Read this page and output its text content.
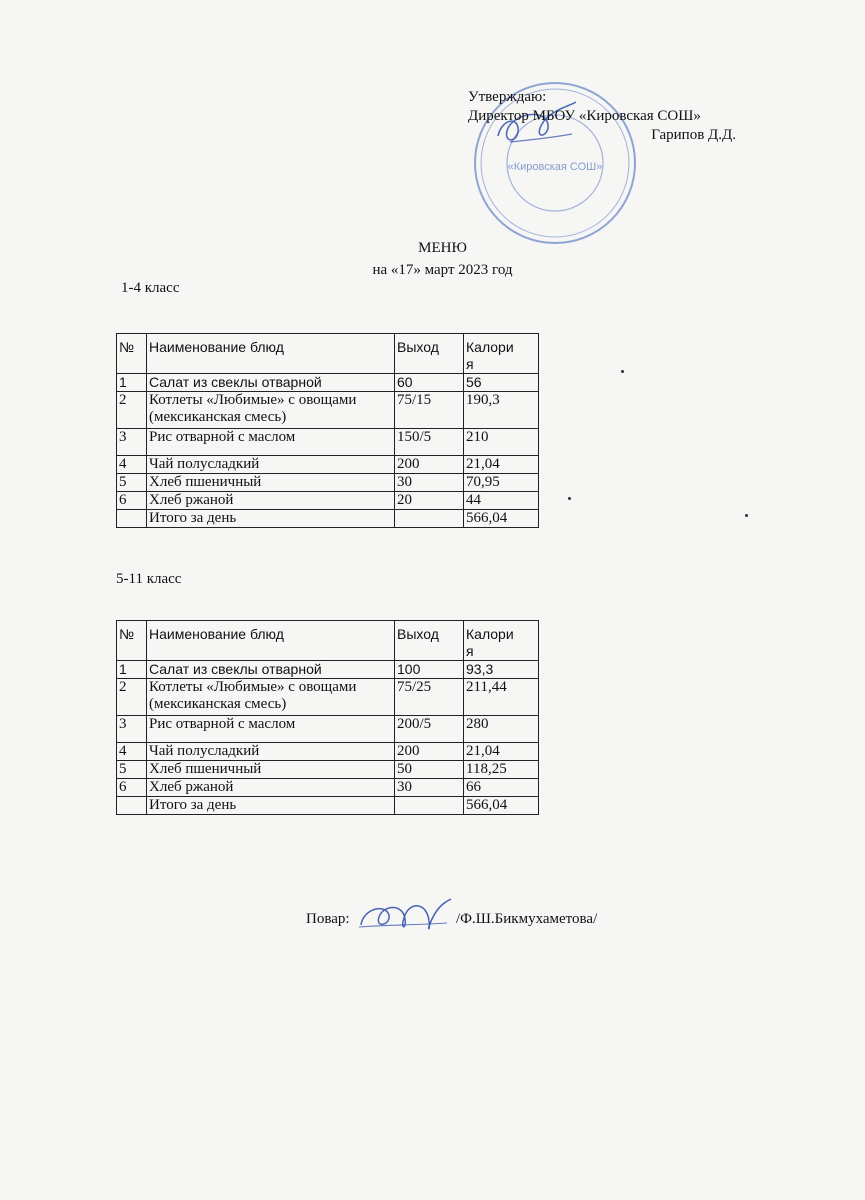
«Кировская СОШ»
Утверждаю:
Директор МБОУ «Кировская СОШ»
Гарипов Д.Д.
МЕНЮ
на «17» март 2023 год
1-4 класс
№	Наименование блюд	Выход	Калори
я
1	Салат из свеклы отварной	60	56
2	Котлеты «Любимые» с овощами (мексиканская смесь)	75/15	190,3
3	Рис отварной с маслом	150/5	210
4	Чай полусладкий	200	21,04
5	Хлеб пшеничный	30	70,95
6	Хлеб ржаной	20	44
	Итого за день		566,04
5-11 класс
№	Наименование блюд	Выход	Калори
я
1	Салат из свеклы отварной	100	93,3
2	Котлеты «Любимые» с овощами (мексиканская смесь)	75/25	211,44
3	Рис отварной с маслом	200/5	280
4	Чай полусладкий	200	21,04
5	Хлеб пшеничный	50	118,25
6	Хлеб ржаной	30	66
	Итого за день		566,04
Повар:	/Ф.Ш.Бикмухаметова/
